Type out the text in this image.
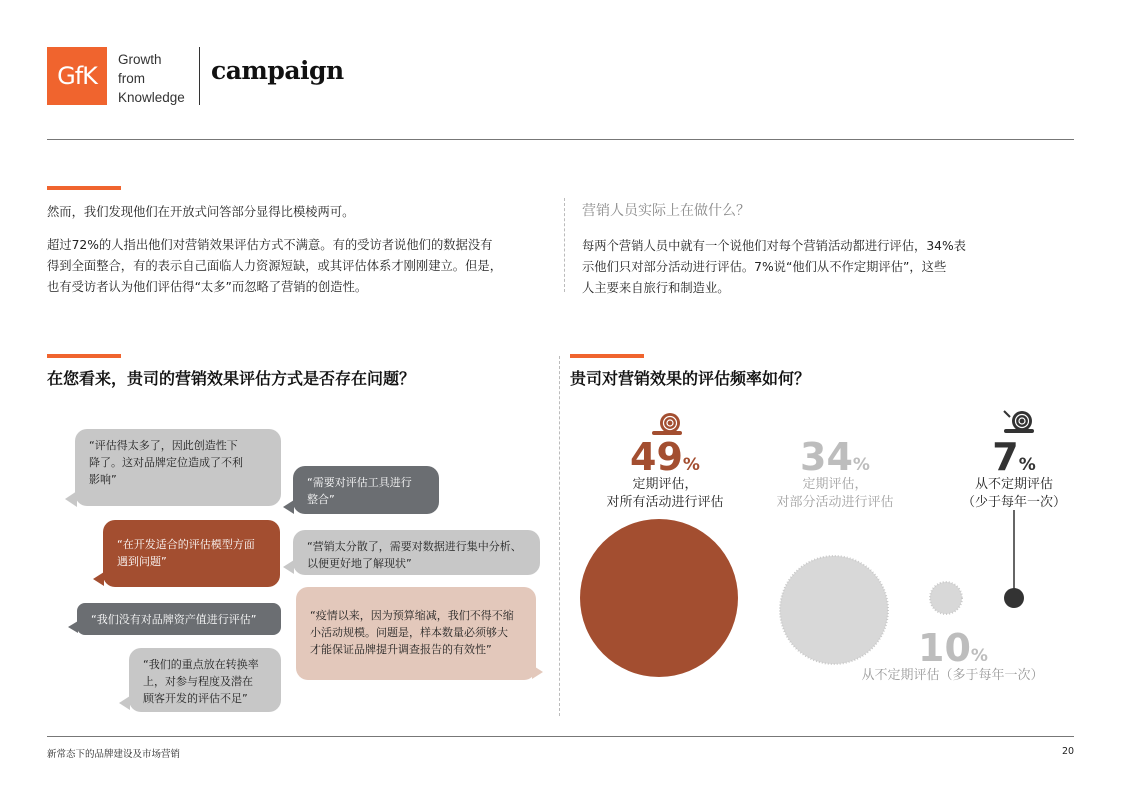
GfK
Growth
from
Knowledge
campaign
然而，我们发现他们在开放式问答部分显得比模棱两可。
超过72%的人指出他们对营销效果评估方式不满意。有的受访者说他们的数据没有
得到全面整合，有的表示自己面临人力资源短缺，或其评估体系才刚刚建立。但是，
也有受访者认为他们评估得“太多”而忽略了营销的创造性。
营销人员实际上在做什么？
每两个营销人员中就有一个说他们对每个营销活动都进行评估，34%表
示他们只对部分活动进行评估。7%说“他们从不作定期评估”，这些
人主要来自旅行和制造业。
在您看来，贵司的营销效果评估方式是否存在问题？	贵司对营销效果的评估频率如何？
“评估得太多了，因此创造性下
降了。这对品牌定位造成了不利
影响”	“需要对评估工具进行
整合”
“在开发适合的评估模型方面
遇到问题”
“营销太分散了，需要对数据进行集中分析、
以便更好地了解现状”
“我们没有对品牌资产值进行评估”	“疫情以来，因为预算缩减，我们不得不缩
小活动规模。问题是，样本数量必须够大
才能保证品牌提升调查报告的有效性”
“我们的重点放在转换率
上，对参与程度及潜在
顾客开发的评估不足”
49%
定期评估，
对所有活动进行评估
34%
定期评估，
对部分活动进行评估
7%
从不定期评估
（少于每年一次）
10%
从不定期评估（多于每年一次）
新常态下的品牌建设及市场营销	20
